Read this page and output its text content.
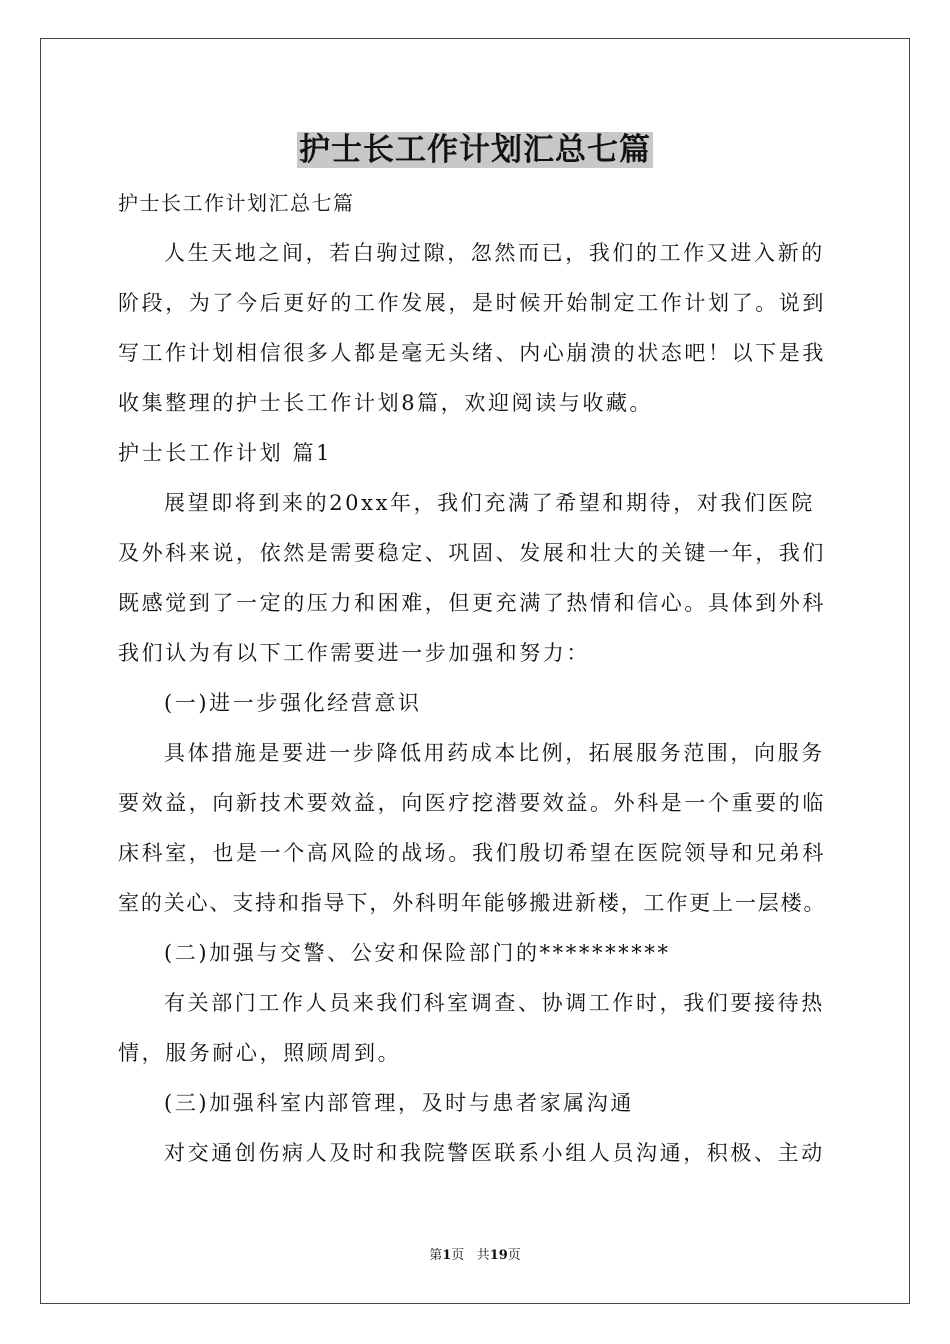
护士长工作计划汇总七篇

护士长工作计划汇总七篇

人生天地之间，若白驹过隙，忽然而已，我们的工作又进入新的

阶段，为了今后更好的工作发展，是时候开始制定工作计划了。说到

写工作计划相信很多人都是毫无头绪、内心崩溃的状态吧！以下是我

收集整理的护士长工作计划8篇，欢迎阅读与收藏。

护士长工作计划 篇1

展望即将到来的20xx年，我们充满了希望和期待，对我们医院

及外科来说，依然是需要稳定、巩固、发展和壮大的关键一年，我们

既感觉到了一定的压力和困难，但更充满了热情和信心。具体到外科

我们认为有以下工作需要进一步加强和努力：

(一)进一步强化经营意识

具体措施是要进一步降低用药成本比例，拓展服务范围，向服务

要效益，向新技术要效益，向医疗挖潜要效益。外科是一个重要的临

床科室，也是一个高风险的战场。我们殷切希望在医院领导和兄弟科

室的关心、支持和指导下，外科明年能够搬进新楼，工作更上一层楼。

(二)加强与交警、公安和保险部门的**********

有关部门工作人员来我们科室调查、协调工作时，我们要接待热

情，服务耐心，照顾周到。

(三)加强科室内部管理，及时与患者家属沟通

对交通创伤病人及时和我院警医联系小组人员沟通，积极、主动

第1页 共19页
